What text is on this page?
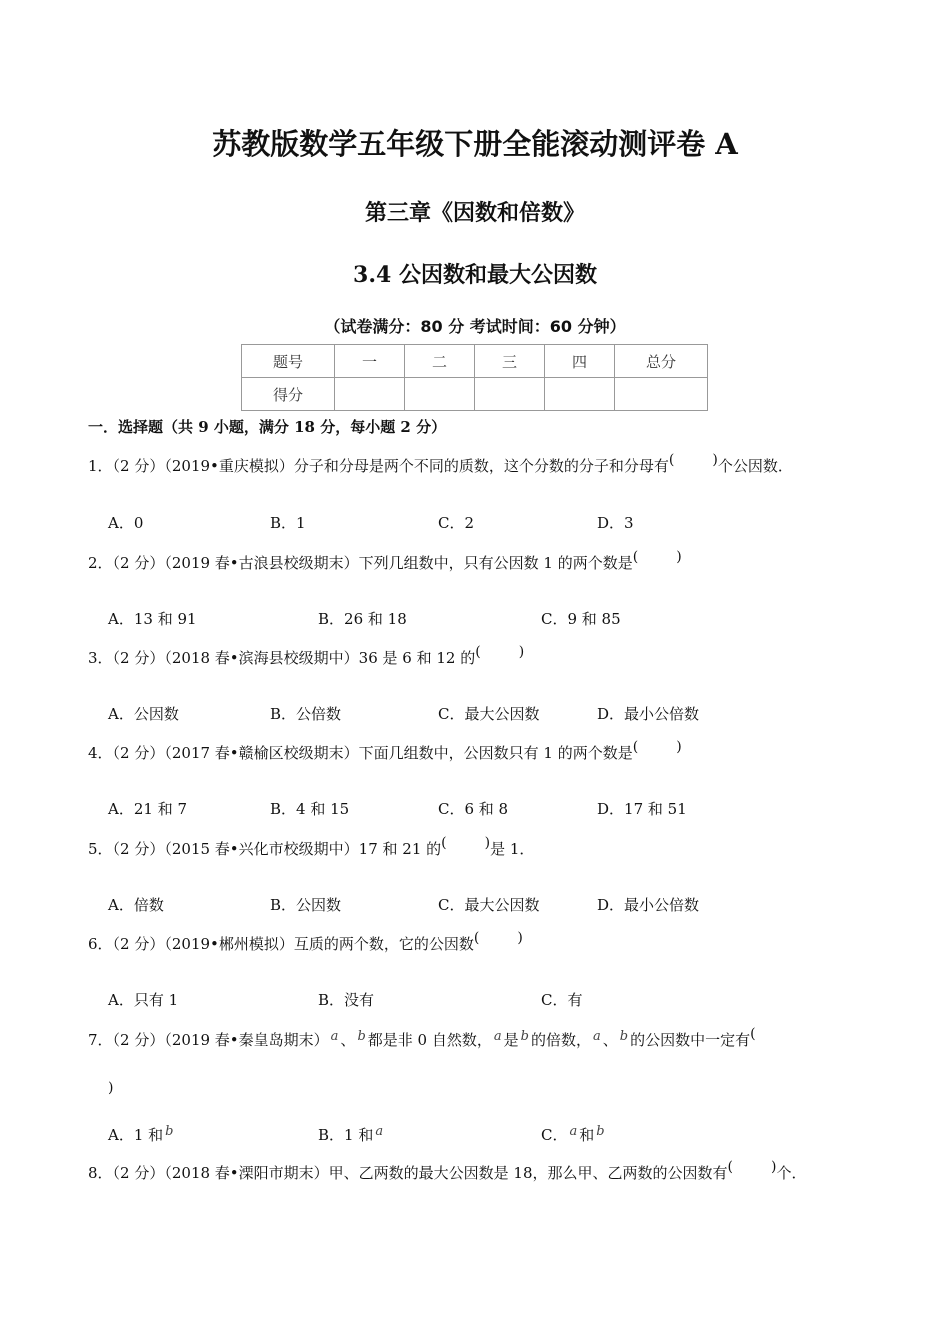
苏教版数学五年级下册全能滚动测评卷 A
第三章《因数和倍数》
3.4 公因数和最大公因数
（试卷满分：80 分 考试时间：60 分钟）
题号	一	二	三	四	总分
得分					
一．选择题（共 9 小题，满分 18 分，每小题 2 分）
1．（2 分）（2019•重庆模拟）分子和分母是两个不同的质数，这个分数的分子和分母有(	)个公因数．
A．0	B．1	C．2	D．3
2．（2 分）（2019 春•古浪县校级期末）下列几组数中，只有公因数 1 的两个数是(	)
A．13 和 91	B．26 和 18	C．9 和 85
3．（2 分）（2018 春•滨海县校级期中）36 是 6 和 12 的(	)
A．公因数	B．公倍数	C．最大公因数	D．最小公倍数
4．（2 分）（2017 春•赣榆区校级期末）下面几组数中，公因数只有 1 的两个数是(	)
A．21 和 7	B．4 和 15	C．6 和 8	D．17 和 51
5．（2 分）（2015 春•兴化市校级期中）17 和 21 的(	)是 1．
A．倍数	B．公因数	C．最大公因数	D．最小公倍数
6．（2 分）（2019•郴州模拟）互质的两个数，它的公因数(	)
A．只有 1	B．没有	C．有
7．（2 分）（2019 春•秦皇岛期末） a 、 b 都是非 0 自然数， a 是 b 的倍数， a 、 b 的公因数中一定有(
)
A．1 和 b	B．1 和 a	C． a 和 b
8．（2 分）（2018 春•溧阳市期末）甲、乙两数的最大公因数是 18，那么甲、乙两数的公因数有(	)个．
